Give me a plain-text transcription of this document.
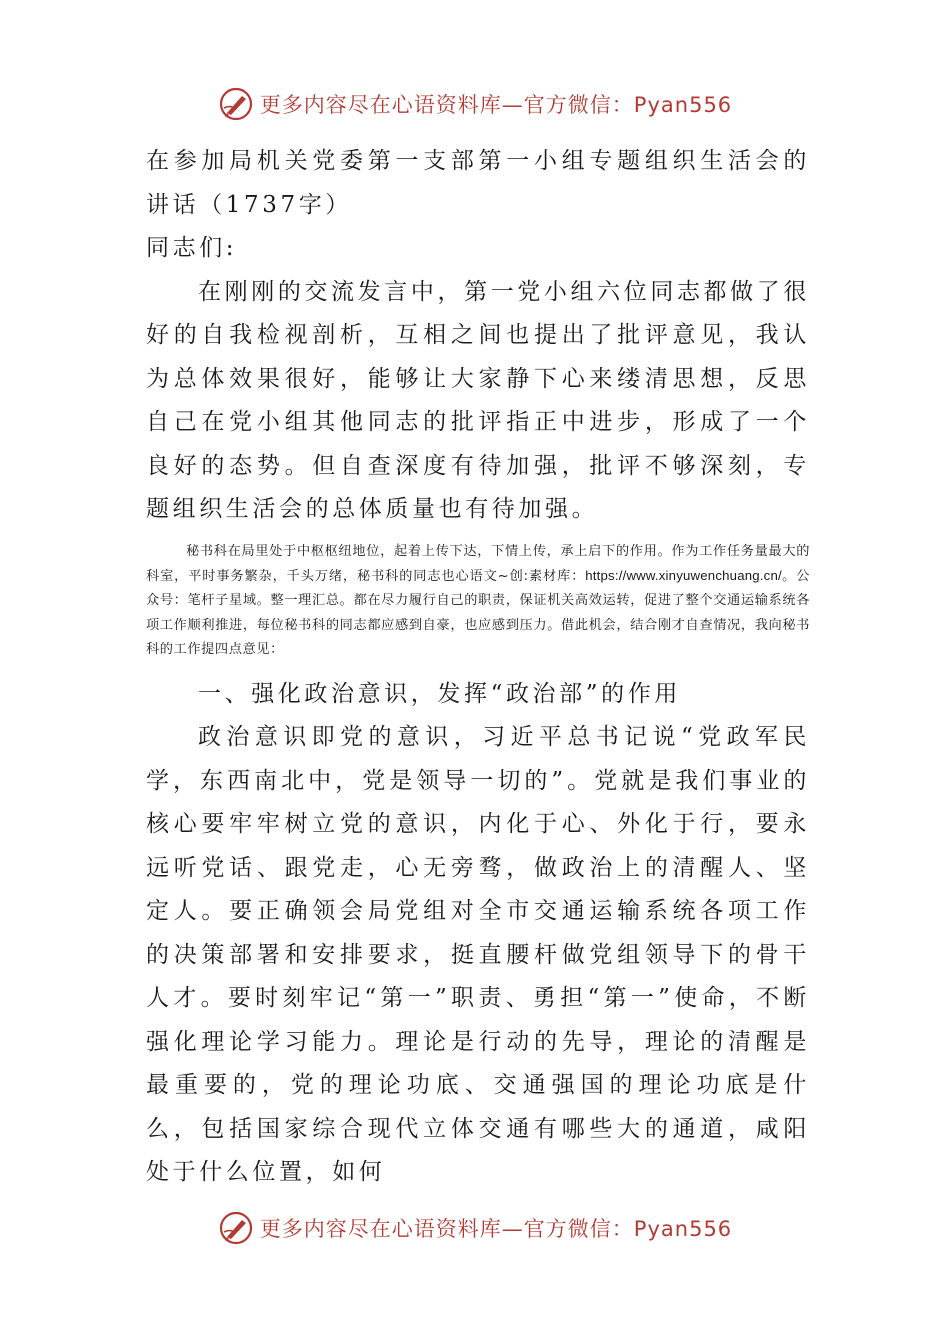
更多内容尽在心语资料库—官方微信：Pyan556

在参加局机关党委第一支部第一小组专题组织生活会的讲话（1737字）

同志们:

在刚刚的交流发言中，第一党小组六位同志都做了很好的自我检视剖析，互相之间也提出了批评意见，我认为总体效果很好，能够让大家静下心来缕清思想，反思自己在党小组其他同志的批评指正中进步，形成了一个良好的态势。但自查深度有待加强，批评不够深刻，专题组织生活会的总体质量也有待加强。

秘书科在局里处于中枢枢纽地位，起着上传下达，下情上传，承上启下的作用。作为工作任务量最大的科室，平时事务繁杂，千头万绪，秘书科的同志也心语文~创:素材库：https://www.xinyuwenchuang.cn/。公众号：笔杆子星域。整一理汇总。都在尽力履行自己的职责，保证机关高效运转，促进了整个交通运输系统各项工作顺利推进，每位秘书科的同志都应感到自豪，也应感到压力。借此机会，结合刚才自查情况，我向秘书科的工作提四点意见：

一、强化政治意识，发挥“政治部”的作用

政治意识即党的意识，习近平总书记说“党政军民学，东西南北中，党是领导一切的”。党就是我们事业的核心要牢牢树立党的意识，内化于心、外化于行，要永远听党话、跟党走，心无旁骛，做政治上的清醒人、坚定人。要正确领会局党组对全市交通运输系统各项工作的决策部署和安排要求，挺直腰杆做党组领导下的骨干人才。要时刻牢记“第一”职责、勇担“第一”使命，不断强化理论学习能力。理论是行动的先导，理论的清醒是最重要的，党的理论功底、交通强国的理论功底是什么，包括国家综合现代立体交通有哪些大的通道，咸阳处于什么位置，如何

更多内容尽在心语资料库—官方微信：Pyan556
